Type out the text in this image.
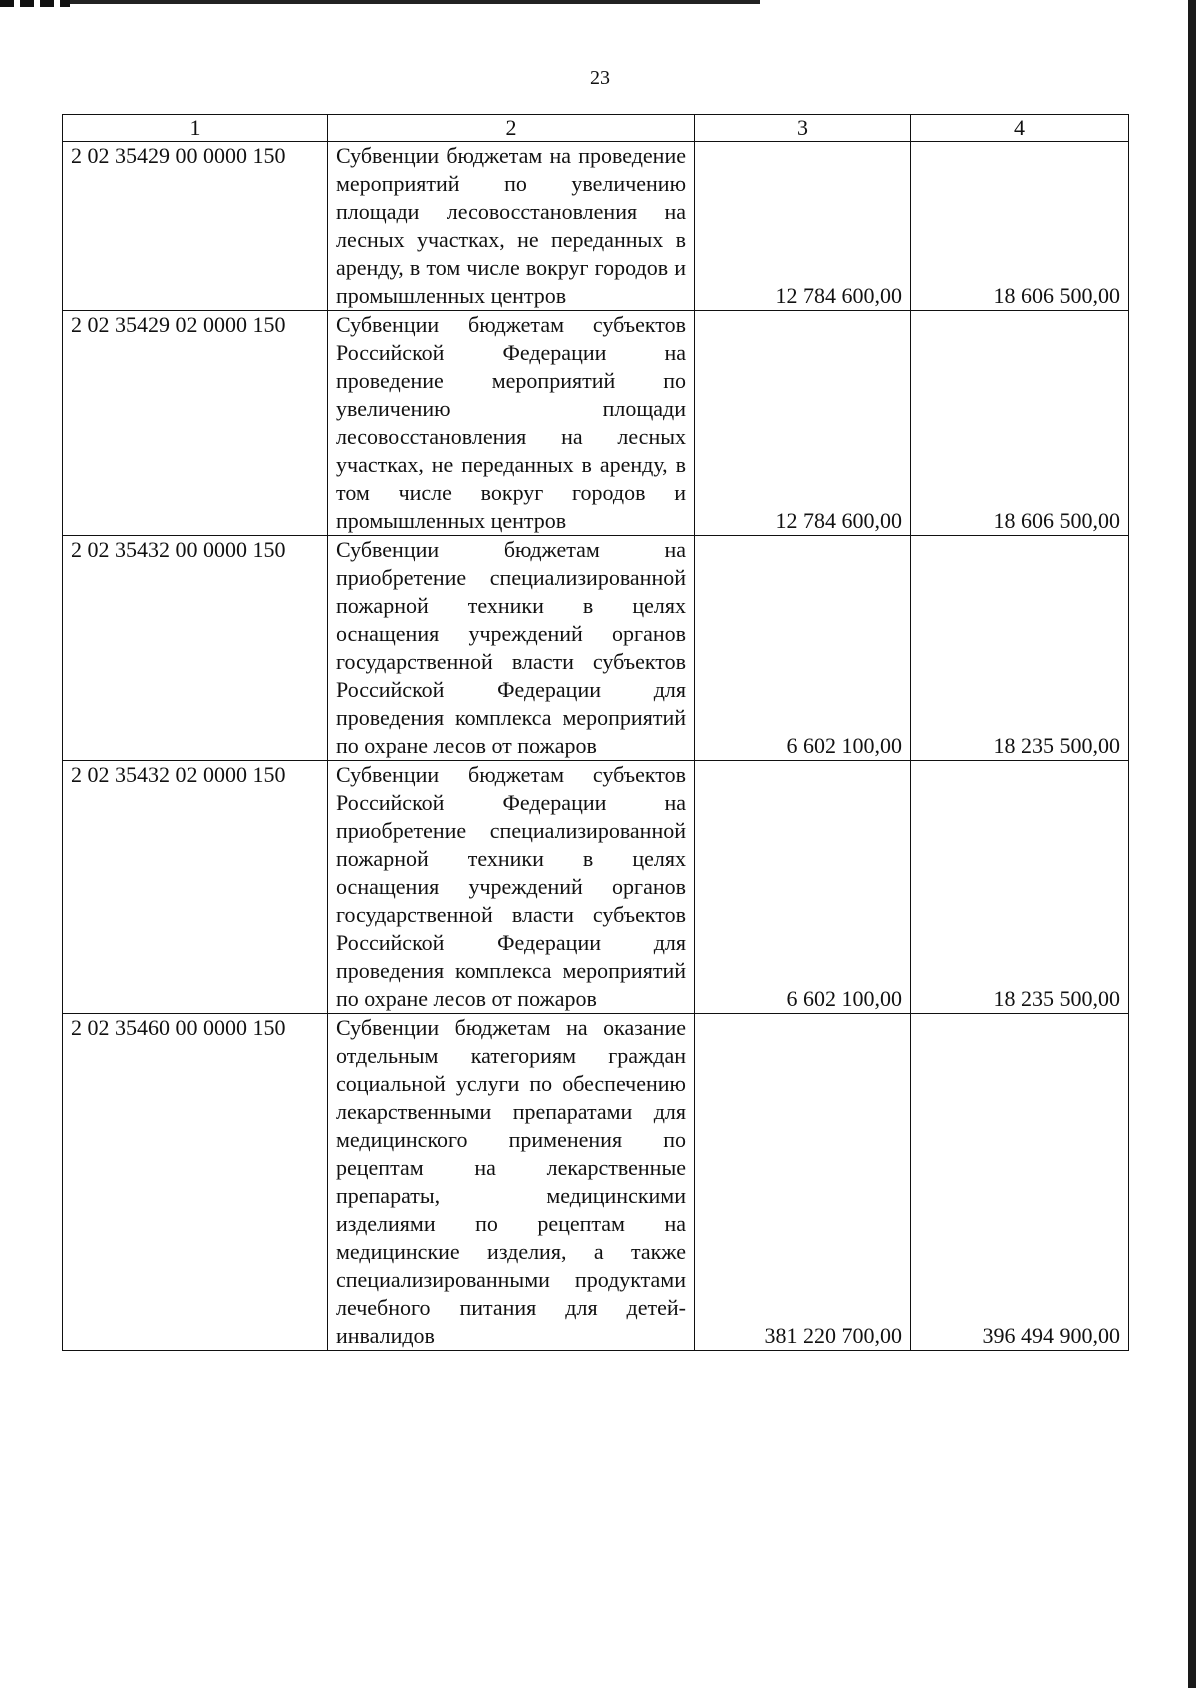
23
1	2	3	4
2 02 35429 00 0000 150	Субвенции бюджетам на проведение мероприятий по увеличению площади лесовосстановления на лесных участках, не переданных в аренду, в том числе вокруг городов и промышленных центров	12 784 600,00	18 606 500,00
2 02 35429 02 0000 150	Субвенции бюджетам субъектов Российской Федерации на проведение мероприятий по увеличению площади лесовосстановления на лесных участках, не переданных в аренду, в том числе вокруг городов и промышленных центров	12 784 600,00	18 606 500,00
2 02 35432 00 0000 150	Субвенции бюджетам на приобретение специализированной пожарной техники в целях оснащения учреждений органов государственной власти субъектов Российской Федерации для проведения комплекса мероприятий по охране лесов от пожаров	6 602 100,00	18 235 500,00
2 02 35432 02 0000 150	Субвенции бюджетам субъектов Российской Федерации на приобретение специализированной пожарной техники в целях оснащения учреждений органов государственной власти субъектов Российской Федерации для проведения комплекса мероприятий по охране лесов от пожаров	6 602 100,00	18 235 500,00
2 02 35460 00 0000 150	Субвенции бюджетам на оказание отдельным категориям граждан социальной услуги по обеспечению лекарственными препаратами для медицинского применения по рецептам на лекарственные препараты, медицинскими изделиями по рецептам на медицинские изделия, а также специализированными продуктами лечебного питания для детей-инвалидов	381 220 700,00	396 494 900,00
